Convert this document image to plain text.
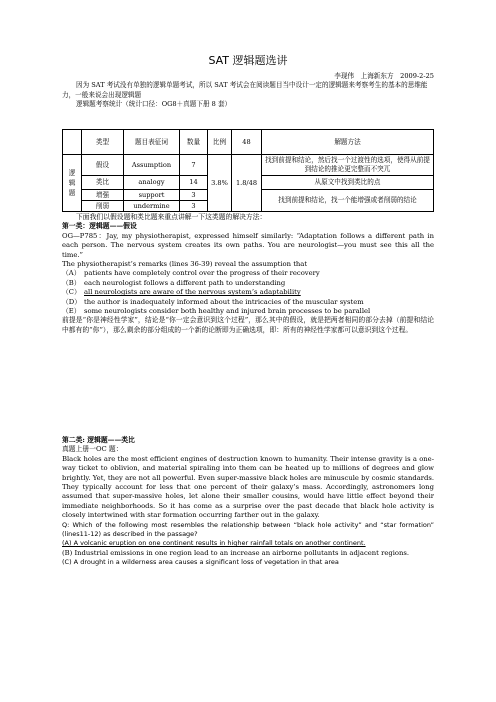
SAT 逻辑题选讲
李现伟　上海新东方　2009-2-25
因为 SAT 考试没有单独的逻辑单题考试，所以 SAT 考试会在阅读题目当中设计一定的逻辑题来考察考生的基本的思维能力，一般来说会出现逻辑题
逻辑题考察统计（统计口径：OG8＋真题下册 8 套）
	类型	题目表征词	数量	比例	48	解题方法
逻辑题	假设	Assumption	7	3.8%	1.8/48	找到前提和结论，然后找一个过渡性的选项，使得从前提到结论的推论更完整而不突兀
	类比	analogy	14			从原文中找到类比的点
	增强	support	3			找到前提和结论，找一个能增强或者削弱的结论
	削弱	undermine	3			

下面我们以假设题和类比题来重点讲解一下这类题的解决方法：

第一类：逻辑题——假设

OG—P785：Jay, my physiotherapist, expressed himself similarly: “Adaptation follows a different path in each person. The nervous system creates its own paths. You are neurologist—you must see this all the time.”

The physiotherapist’s remarks (lines 36-39) reveal the assumption that

（A） patients have completely control over the progress of their recovery
（B） each neurologist follows a different path to understanding
（C） all neurologists are aware of the nervous system’s adaptability
（D） the author is inadequately informed about the intricacies of the muscular system
（E） some neurologists consider both healthy and injured brain processes to be parallel

前提是“你是神经性学家”，结论是“你一定会意识到这个过程”，那么其中的假设，就是把两者相同的部分去掉（前提和结论中都有的“你”），那么剩余的部分组成的一个新的论断即为正确选项，即：所有的神经性学家都可以意识到这个过程。

第二类: 逻辑题——类比

真题上册一OC 题：

Black holes are the most efficient engines of destruction known to humanity. Their intense gravity is a one-way ticket to oblivion, and material spiraling into them can be heated up to millions of degrees and glow brightly. Yet, they are not all powerful. Even super-massive black holes are minuscule by cosmic standards. They typically account for less that one percent of their galaxy’s mass. Accordingly, astronomers long assumed that super-massive holes, let alone their smaller cousins, would have little effect beyond their immediate neighborhoods. So it has come as a surprise over the past decade that black hole activity is closely intertwined with star formation occurring farther out in the galaxy.

Q: Which of the following most resembles the relationship between “black hole activity” and “star formation” (lines11-12) as described in the passage?

(A) A volcanic eruption on one continent results in higher rainfall totals on another continent.

(B) Industrial emissions in one region lead to an increase an airborne pollutants in adjacent regions.

(C) A drought in a wilderness area causes a significant loss of vegetation in that area
